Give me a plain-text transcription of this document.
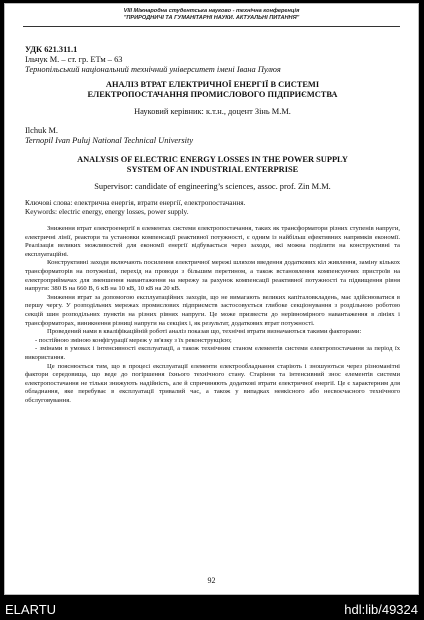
VIII Міжнародна студентська науково - технічна конференція
"ПРИРОДНИЧІ ТА ГУМАНІТАРНІ НАУКИ. АКТУАЛЬНІ ПИТАННЯ"
УДК 621.311.1
Ільчук М. – ст. гр. ЕТм – 63
Тернопільський національний технічний університет імені Івана Пулюя
АНАЛІЗ ВТРАТ ЕЛЕКТРИЧНОЇ ЕНЕРГІЇ В СИСТЕМІ
ЕЛЕКТРОПОСТАЧАННЯ ПРОМИСЛОВОГО ПІДПРИЄМСТВА
Науковий керівник: к.т.н., доцент Зінь М.М.
Ilchuk M.
Ternopil Ivan Puluj National Technical University
ANALYSIS OF ELECTRIC ENERGY LOSSES IN THE POWER SUPPLY
SYSTEM OF AN INDUSTRIAL ENTERPRISE
Supervisor: candidate of engineering’s sciences, assoc. prof. Zin M.M.
Ключові слова: електрична енергія, втрати енергії, електропостачання.
Keywords: electric energy, energy losses, power supply.

Зниження втрат електроенергії в елементах системи електропостачання, таких як трансформатори різних ступенів напруги, електричні лінії, реактори та установки компенсації реактивної потужності, є одним із найбільш ефективних напрямків економії. Реалізація великих можливостей для економії енергії відбувається через заходи, які можна поділити на конструктивні та експлуатаційні.

Конструктивні заходи включають посилення електричної мережі шляхом введення додаткових кіл живлення, заміну кількох трансформаторів на потужніші, перехід на проводи з більшим перетином, а також встановлення компенсуючих пристроїв на електроприймачах для зменшення навантаження на мережу за рахунок компенсації реактивної потужності та підвищення рівня напруги: 380 В на 660 В, 6 кВ на 10 кВ, 10 кВ на 20 кВ.

Зниження втрат за допомогою експлуатаційних заходів, що не вимагають великих капіталовкладень, має здійснюватися в першу чергу. У розподільних мережах промислових підприємств застосовується глибоке секціонування з роздільною роботою секцій шин розподільних пунктів на різних рівнях напруги. Це може призвести до нерівномірного навантаження в лініях і трансформаторах, виникнення різниці напруги на секціях і, як результат, додаткових втрат потужності.

Проведений нами в кваліфікаційній роботі аналіз показав що, технічні втрати визначаються такими факторами:

- постійною зміною конфігурації мереж у зв'язку з їх реконструкцією;

- змінами в умовах і інтенсивності експлуатації, а також технічним станом елементів системи електропостачання за період їх використання.

Це пояснюється тим, що в процесі експлуатації елементи електрообладнання старіють і зношуються через різноманітні фактори середовища, що веде до погіршення їхнього технічного стану. Старіння та інтенсивний знос елементів системи електропостачання не тільки знижують надійність, але й спричиняють додаткові втрати електричної енергії. Це є характерним для обладнання, яке перебуває в експлуатації тривалий час, а також у випадках неякісного або несвоєчасного технічного обслуговування.

92
ELARTU	hdl:lib/49324
